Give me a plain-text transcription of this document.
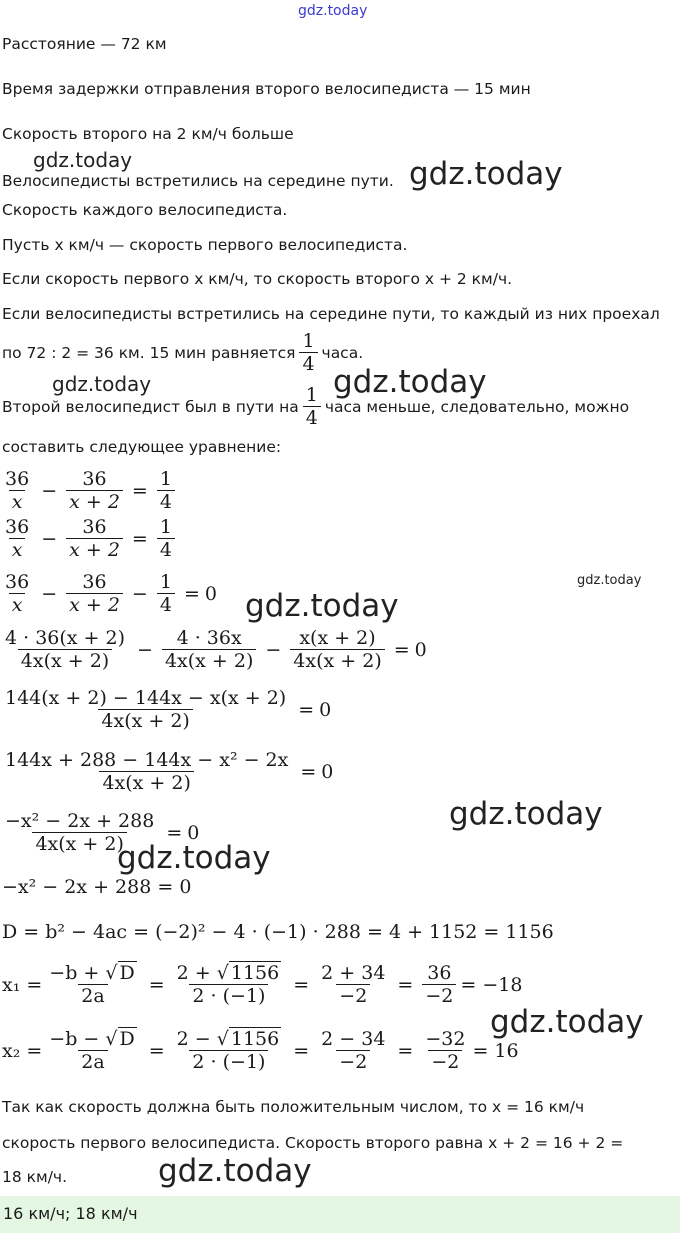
gdz.today
gdz.today	gdz.today
gdz.today	gdz.today
gdz.today
gdz.today
gdz.today
gdz.today
gdz.today
gdz.today
Расстояние — 72 км
Время задержки отправления второго велосипедиста — 15 мин
Скорость второго на 2 км/ч больше
Велосипедисты встретились на середине пути.
Скорость каждого велосипедиста.
Пусть x км/ч — скорость первого велосипедиста.
Если скорость первого x км/ч, то скорость второго x + 2 км/ч.
Если велосипедисты встретились на середине пути, то каждый из них проехал
по 72 : 2 = 36 км. 15 мин равняется $\frac{1}{4}$ часа.
Второй велосипедист был в пути на $\frac{1}{4}$ часа меньше, следовательно, можно
составить следующее уравнение:
$\frac{36}{x} - \frac{36}{x + 2} = \frac{1}{4}$
$\frac{36}{x} - \frac{36}{x + 2} = \frac{1}{4}$
$\frac{36}{x} - \frac{36}{x + 2} - \frac{1}{4} = 0$
$\frac{4 \cdot 36(x + 2)}{4x(x + 2)} - \frac{4 \cdot 36x}{4x(x + 2)} - \frac{x(x + 2)}{4x(x + 2)} = 0$
$\frac{144(x + 2) - 144x - x(x + 2)}{4x(x + 2)} = 0$
$\frac{\text{144x + 288 − 144x − x² − 2x}}{4x(x + 2)} = 0$
$\frac{\text{−x² − 2x + 288}}{4x(x + 2)} = 0$
−x² − 2x + 288 = 0
D = b² − 4ac = (−2)² − 4 · (−1) · 288 = 4 + 1152 = 1156
$x_1 = \frac{-b + √ D}{2a} = \frac{2 + √ 1156}{2 \cdot (-1)} = \frac{2 + 34}{-2} = \frac{36}{-2} = -18$
$x_2 = \frac{-b - √ D}{2a} = \frac{2 - √ 1156}{2 \cdot (-1)} = \frac{2 - 34}{-2} = \frac{-32}{-2} = 16$
Так как скорость должна быть положительным числом, то x = 16 км/ч
скорость первого велосипедиста. Скорость второго равна x + 2 = 16 + 2 =
18 км/ч.
16 км/ч; 18 км/ч
